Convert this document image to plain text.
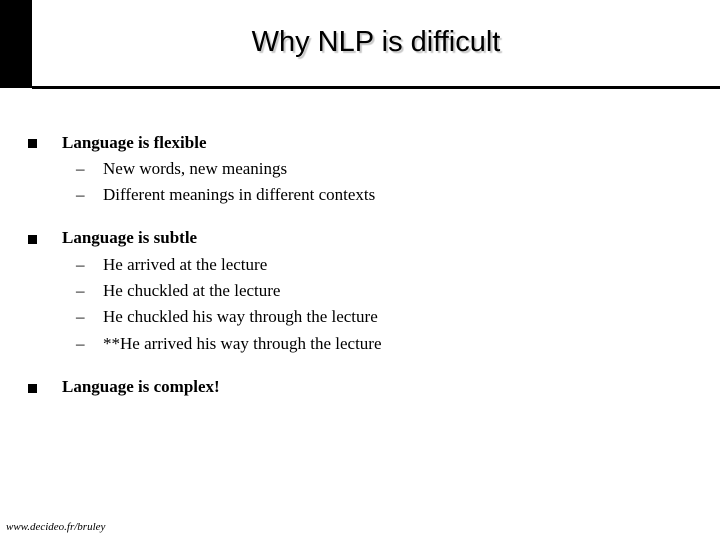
Why NLP is difficult
Language is flexible
– New words, new meanings
– Different meanings in different contexts
Language is subtle
– He arrived at the lecture
– He chuckled at the lecture
– He chuckled his way through the lecture
– **He arrived his way through the lecture
Language is complex!
www.decideo.fr/bruley
